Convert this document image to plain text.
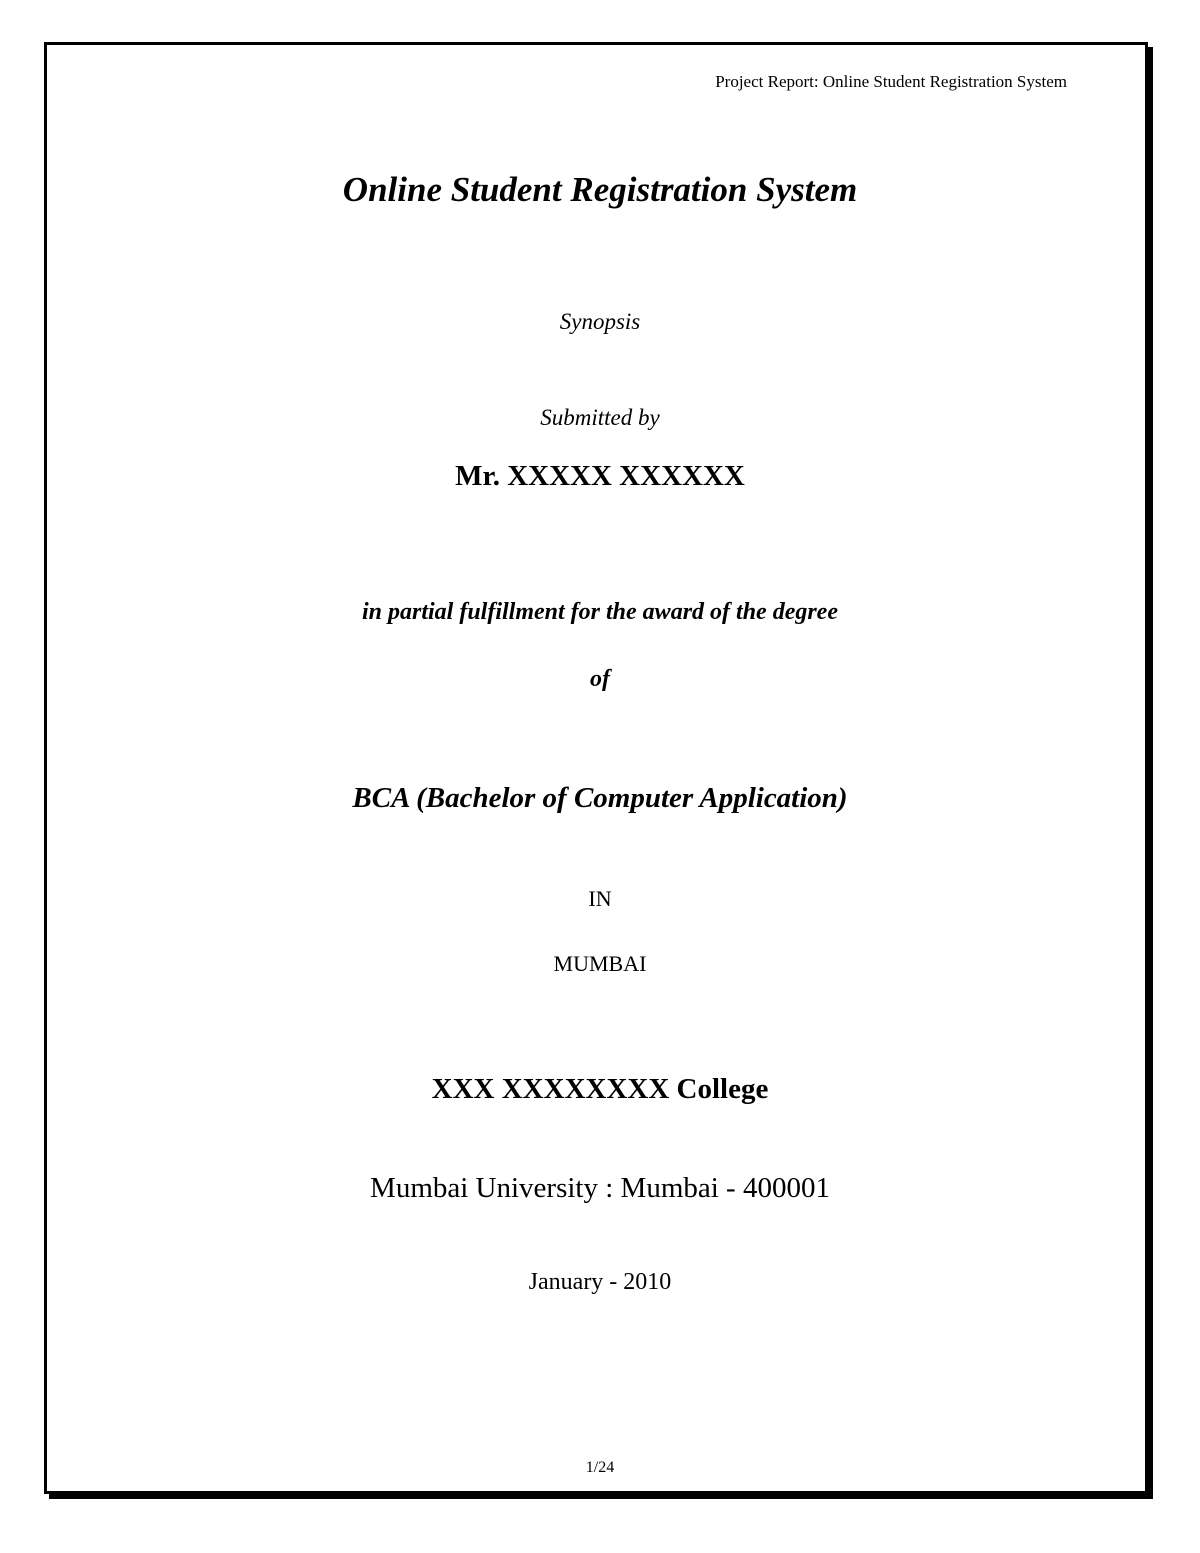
Project Report: Online Student Registration System
Online Student Registration System
Synopsis
Submitted by
Mr. XXXXX XXXXXX
in partial fulfillment for the award of the degree
of
BCA (Bachelor of Computer Application)
IN
MUMBAI
XXX XXXXXXXX College
Mumbai University : Mumbai - 400001
January - 2010
1/24
